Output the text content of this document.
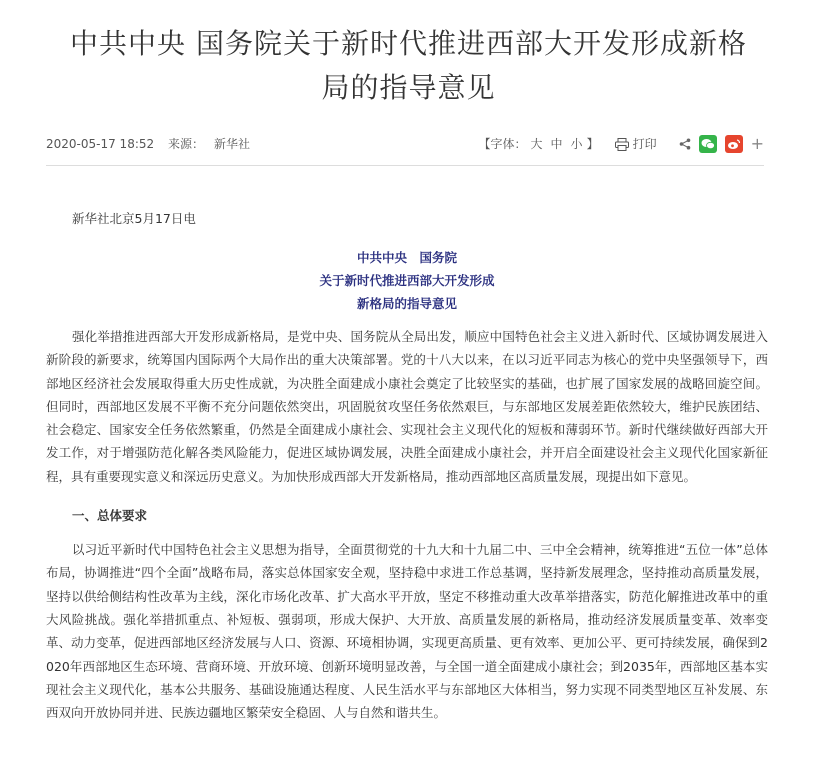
中共中央 国务院关于新时代推进西部大开发形成新格
局的指导意见
2020-05-17 18:52 来源： 新华社	【字体： 大 中 小 】	打印	+

新华社北京5月17日电

中共中央　国务院
关于新时代推进西部大开发形成
新格局的指导意见

强化举措推进西部大开发形成新格局，是党中央、国务院从全局出发，顺应中国特色社会主义进入新时代、区域协调发展进入新阶段的新要求，统筹国内国际两个大局作出的重大决策部署。党的十八大以来，在以习近平同志为核心的党中央坚强领导下，西部地区经济社会发展取得重大历史性成就，为决胜全面建成小康社会奠定了比较坚实的基础，也扩展了国家发展的战略回旋空间。但同时，西部地区发展不平衡不充分问题依然突出，巩固脱贫攻坚任务依然艰巨，与东部地区发展差距依然较大，维护民族团结、社会稳定、国家安全任务依然繁重，仍然是全面建成小康社会、实现社会主义现代化的短板和薄弱环节。新时代继续做好西部大开发工作，对于增强防范化解各类风险能力，促进区域协调发展，决胜全面建成小康社会，并开启全面建设社会主义现代化国家新征程，具有重要现实意义和深远历史意义。为加快形成西部大开发新格局，推动西部地区高质量发展，现提出如下意见。

一、总体要求

以习近平新时代中国特色社会主义思想为指导，全面贯彻党的十九大和十九届二中、三中全会精神，统筹推进“五位一体”总体布局，协调推进“四个全面”战略布局，落实总体国家安全观，坚持稳中求进工作总基调，坚持新发展理念，坚持推动高质量发展，坚持以供给侧结构性改革为主线，深化市场化改革、扩大高水平开放，坚定不移推动重大改革举措落实，防范化解推进改革中的重大风险挑战。强化举措抓重点、补短板、强弱项，形成大保护、大开放、高质量发展的新格局，推动经济发展质量变革、效率变革、动力变革，促进西部地区经济发展与人口、资源、环境相协调，实现更高质量、更有效率、更加公平、更可持续发展，确保到2020年西部地区生态环境、营商环境、开放环境、创新环境明显改善，与全国一道全面建成小康社会；到2035年，西部地区基本实现社会主义现代化，基本公共服务、基础设施通达程度、人民生活水平与东部地区大体相当，努力实现不同类型地区互补发展、东西双向开放协同并进、民族边疆地区繁荣安全稳固、人与自然和谐共生。
